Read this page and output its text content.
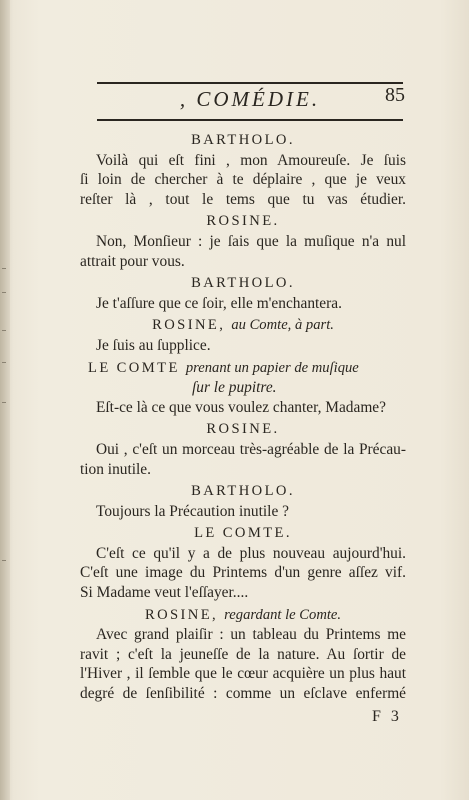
, COMÉDIE.	85
BARTHOLO.
Voilà qui eſt fini , mon Amoureuſe. Je ſuis
ſi loin de chercher à te déplaire , que je veux
reſter là , tout le tems que tu vas étudier.
ROSINE.
Non, Monſieur : je ſais que la muſique n'a nul
attrait pour vous.
BARTHOLO.
Je t'aſſure que ce ſoir, elle m'enchantera.
ROSINE, au Comte, à part.
Je ſuis au ſupplice.
LE COMTE prenant un papier de muſique
ſur le pupitre.
Eſt-ce là ce que vous voulez chanter, Madame?
ROSINE.
Oui , c'eſt un morceau très-agréable de la Précau-
tion inutile.
BARTHOLO.
Toujours la Précaution inutile ?
LE COMTE.
C'eſt ce qu'il y a de plus nouveau aujourd'hui.
C'eſt une image du Printems d'un genre aſſez vif.
Si Madame veut l'eſſayer....
ROSINE, regardant le Comte.
Avec grand plaiſir : un tableau du Printems me
ravit ; c'eſt la jeuneſſe de la nature. Au ſortir de
l'Hiver , il ſemble que le cœur acquière un plus haut
degré de ſenſibilité : comme un eſclave enfermé
F 3
